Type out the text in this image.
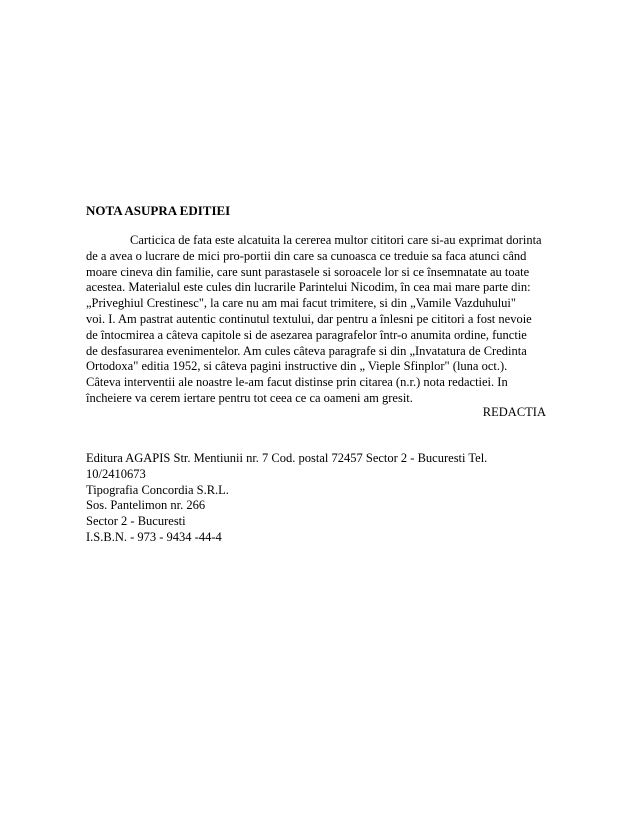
NOTA ASUPRA EDITIEI

Carticica de fata este alcatuita la cererea multor cititori care si-au exprimat dorinta
de a avea o lucrare de mici pro-portii din care sa cunoasca ce treduie sa faca atunci când
moare cineva din familie, care sunt parastasele si soroacele lor si ce însemnatate au toate
acestea. Materialul este cules din lucrarile Parintelui Nicodim, în cea mai mare parte din:
„Priveghiul Crestinesc", la care nu am mai facut trimitere, si din „Vamile Vazduhului"
voi. I. Am pastrat autentic continutul textului, dar pentru a înlesni pe cititori a fost nevoie
de întocmirea a câteva capitole si de asezarea paragrafelor într-o anumita ordine, functie
de desfasurarea evenimentelor. Am cules câteva paragrafe si din „Invatatura de Credinta
Ortodoxa" editia 1952, si câteva pagini instructive din „ Vieple Sfinplor" (luna oct.).
Câteva interventii ale noastre le-am facut distinse prin citarea (n.r.) nota redactiei. In
încheiere va cerem iertare pentru tot ceea ce ca oameni am gresit.

REDACTIA

Editura AGAPIS Str. Mentiunii nr. 7 Cod. postal 72457 Sector 2 - Bucuresti Tel.
10/2410673
Tipografia Concordia S.R.L.
Sos. Pantelimon nr. 266
Sector 2 - Bucuresti
I.S.B.N. - 973 - 9434 -44-4
